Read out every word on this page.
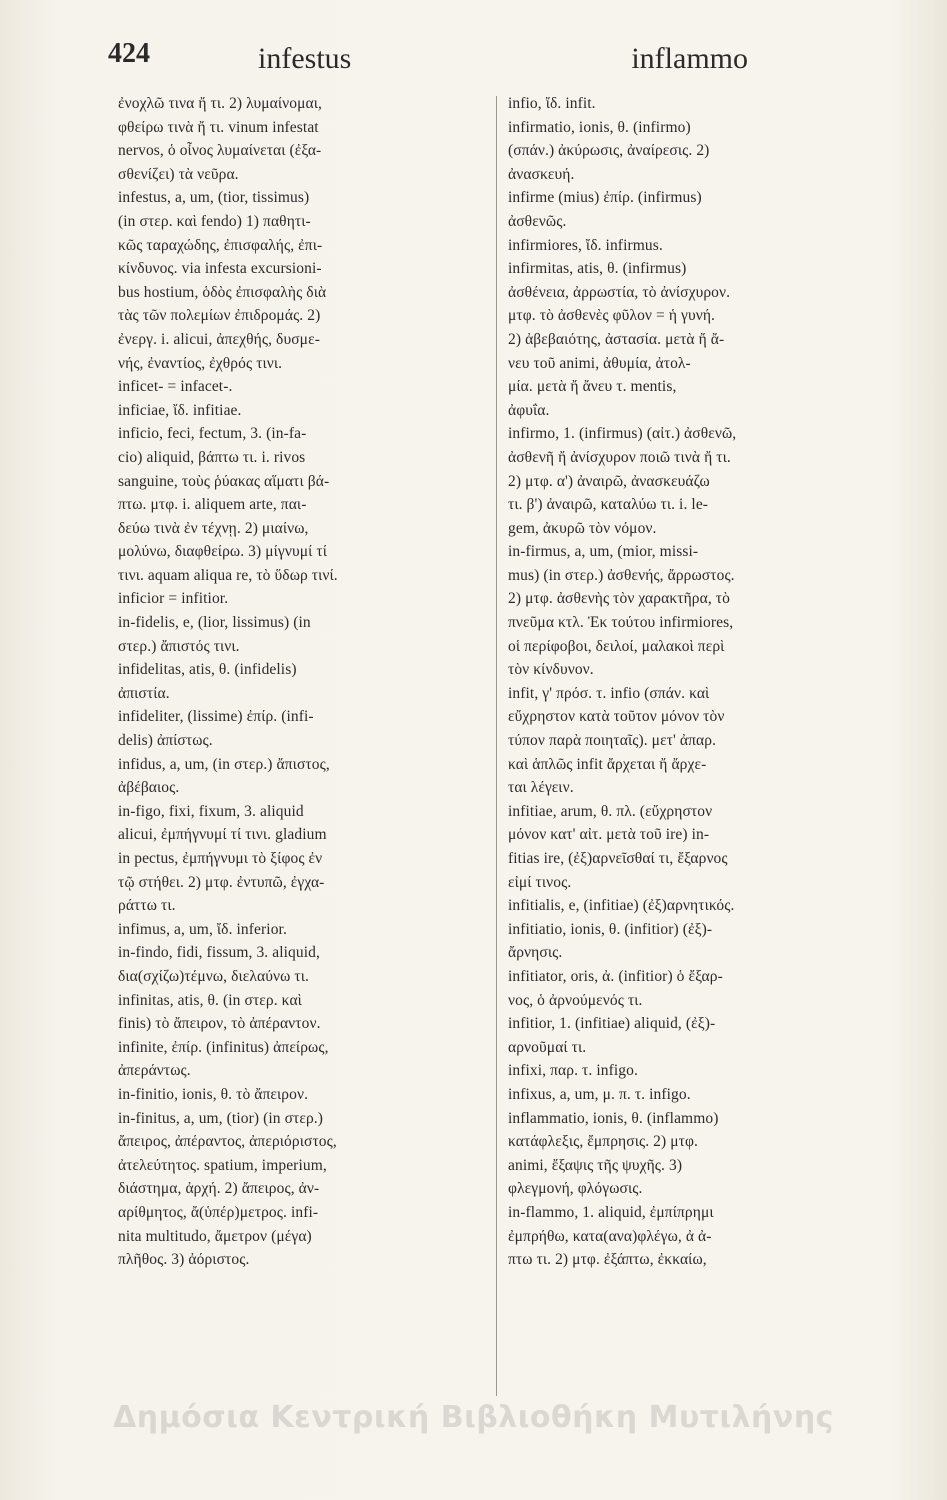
424	infestus	inflammo
ἐνοχλῶ τινα ἤ τι. 2) λυμαίνομαι,
φθείρω τινὰ ἤ τι. vinum infestat
nervos, ὁ οἶνος λυμαίνεται (ἐξα-
σθενίζει) τὰ νεῦρα.
infestus, a, um, (tior, tissimus)
(in στερ. καὶ fendo) 1) παθητι-
κῶς ταραχώδης, ἐπισφαλής, ἐπι-
κίνδυνος. via infesta excursioni-
bus hostium, ὁδὸς ἐπισφαλὴς διὰ
τὰς τῶν πολεμίων ἐπιδρομάς. 2)
ἐνεργ. i. alicui, ἀπεχθής, δυσμε-
νής, ἐναντίος, ἐχθρός τινι.
inficet- = infacet-.
inficiae, ἴδ. infitiae.
inficio, feci, fectum, 3. (in-fa-
cio) aliquid, βάπτω τι. i. rivos
sanguine, τοὺς ῥύακας αἵματι βά-
πτω. μτφ. i. aliquem arte, παι-
δεύω τινὰ ἐν τέχνῃ. 2) μιαίνω,
μολύνω, διαφθείρω. 3) μίγνυμί τί
τινι. aquam aliqua re, τὸ ὕδωρ τινί.
inficior = infitior.
in-fidelis, e, (lior, lissimus) (in
στερ.) ἄπιστός τινι.
infidelitas, atis, θ. (infidelis)
ἀπιστία.
infideliter, (lissime) ἐπίρ. (infi-
delis) ἀπίστως.
infidus, a, um, (in στερ.) ἄπιστος,
ἀβέβαιος.
in-figo, fixi, fixum, 3. aliquid
alicui, ἐμπήγνυμί τί τινι. gladium
in pectus, ἐμπήγνυμι τὸ ξίφος ἐν
τῷ στήθει. 2) μτφ. ἐντυπῶ, ἐγχα-
ράττω τι.
infimus, a, um, ἴδ. inferior.
in-findo, fidi, fissum, 3. aliquid,
δια(σχίζω)τέμνω, διελαύνω τι.
infinitas, atis, θ. (in στερ. καὶ
finis) τὸ ἄπειρον, τὸ ἀπέραντον.
infinite, ἐπίρ. (infinitus) ἀπείρως,
ἀπεράντως.
in-finitio, ionis, θ. τὸ ἄπειρον.
in-finitus, a, um, (tior) (in στερ.)
ἄπειρος, ἀπέραντος, ἀπεριόριστος,
ἀτελεύτητος. spatium, imperium,
διάστημα, ἀρχή. 2) ἄπειρος, ἀν-
αρίθμητος, ἄ(ὑπέρ)μετρος. infi-
nita multitudo, ἄμετρον (μέγα)
πλῆθος. 3) ἀόριστος.
infio, ἴδ. infit.
infirmatio, ionis, θ. (infirmo)
(σπάν.) ἀκύρωσις, ἀναίρεσις. 2)
ἀνασκευή.
infirme (mius) ἐπίρ. (infirmus)
ἀσθενῶς.
infirmiores, ἴδ. infirmus.
infirmitas, atis, θ. (infirmus)
ἀσθένεια, ἀρρωστία, τὸ ἀνίσχυρον.
μτφ. τὸ ἀσθενὲς φῦλον = ἡ γυνή.
2) ἀβεβαιότης, ἀστασία. μετὰ ἤ ἄ-
νευ τοῦ animi, ἀθυμία, ἀτολ-
μία. μετὰ ἤ ἄνευ τ. mentis,
ἀφυΐα.
infirmo, 1. (infirmus) (αἰτ.) ἀσθενῶ,
ἀσθενῆ ἤ ἀνίσχυρον ποιῶ τινὰ ἤ τι.
2) μτφ. α') ἀναιρῶ, ἀνασκευάζω
τι. β') ἀναιρῶ, καταλύω τι. i. le-
gem, ἀκυρῶ τὸν νόμον.
in-firmus, a, um, (mior, missi-
mus) (in στερ.) ἀσθενής, ἄρρωστος.
2) μτφ. ἀσθενὴς τὸν χαρακτῆρα, τὸ
πνεῦμα κτλ. Ἐκ τούτου infirmiores,
οἱ περίφοβοι, δειλοί, μαλακοὶ περὶ
τὸν κίνδυνον.
infit, γ' πρόσ. τ. infio (σπάν. καὶ
εὔχρηστον κατὰ τοῦτον μόνον τὸν
τύπον παρὰ ποιηταῖς). μετ' ἀπαρ.
καὶ ἁπλῶς infit ἄρχεται ἤ ἄρχε-
ται λέγειν.
infitiae, arum, θ. πλ. (εὔχρηστον
μόνον κατ' αἰτ. μετὰ τοῦ ire) in-
fitias ire, (ἐξ)αρνεῖσθαί τι, ἔξαρνος
εἰμί τινος.
infitialis, e, (infitiae) (ἐξ)αρνητικός.
infitiatio, ionis, θ. (infitior) (ἐξ)-
ἄρνησις.
infitiator, oris, ἀ. (infitior) ὁ ἔξαρ-
νος, ὁ ἀρνούμενός τι.
infitior, 1. (infitiae) aliquid, (ἐξ)-
αρνοῦμαί τι.
infixi, παρ. τ. infigo.
infixus, a, um, μ. π. τ. infigo.
inflammatio, ionis, θ. (inflammo)
κατάφλεξις, ἔμπρησις. 2) μτφ.
animi, ἔξαψις τῆς ψυχῆς. 3)
φλεγμονή, φλόγωσις.
in-flammo, 1. aliquid, ἐμπίπρημι
ἐμπρήθω, κατα(ανα)φλέγω, ἀ ἀ-
πτω τι. 2) μτφ. ἐξάπτω, ἐκκαίω,
Δημόσια Κεντρική Βιβλιοθήκη Μυτιλήνης
